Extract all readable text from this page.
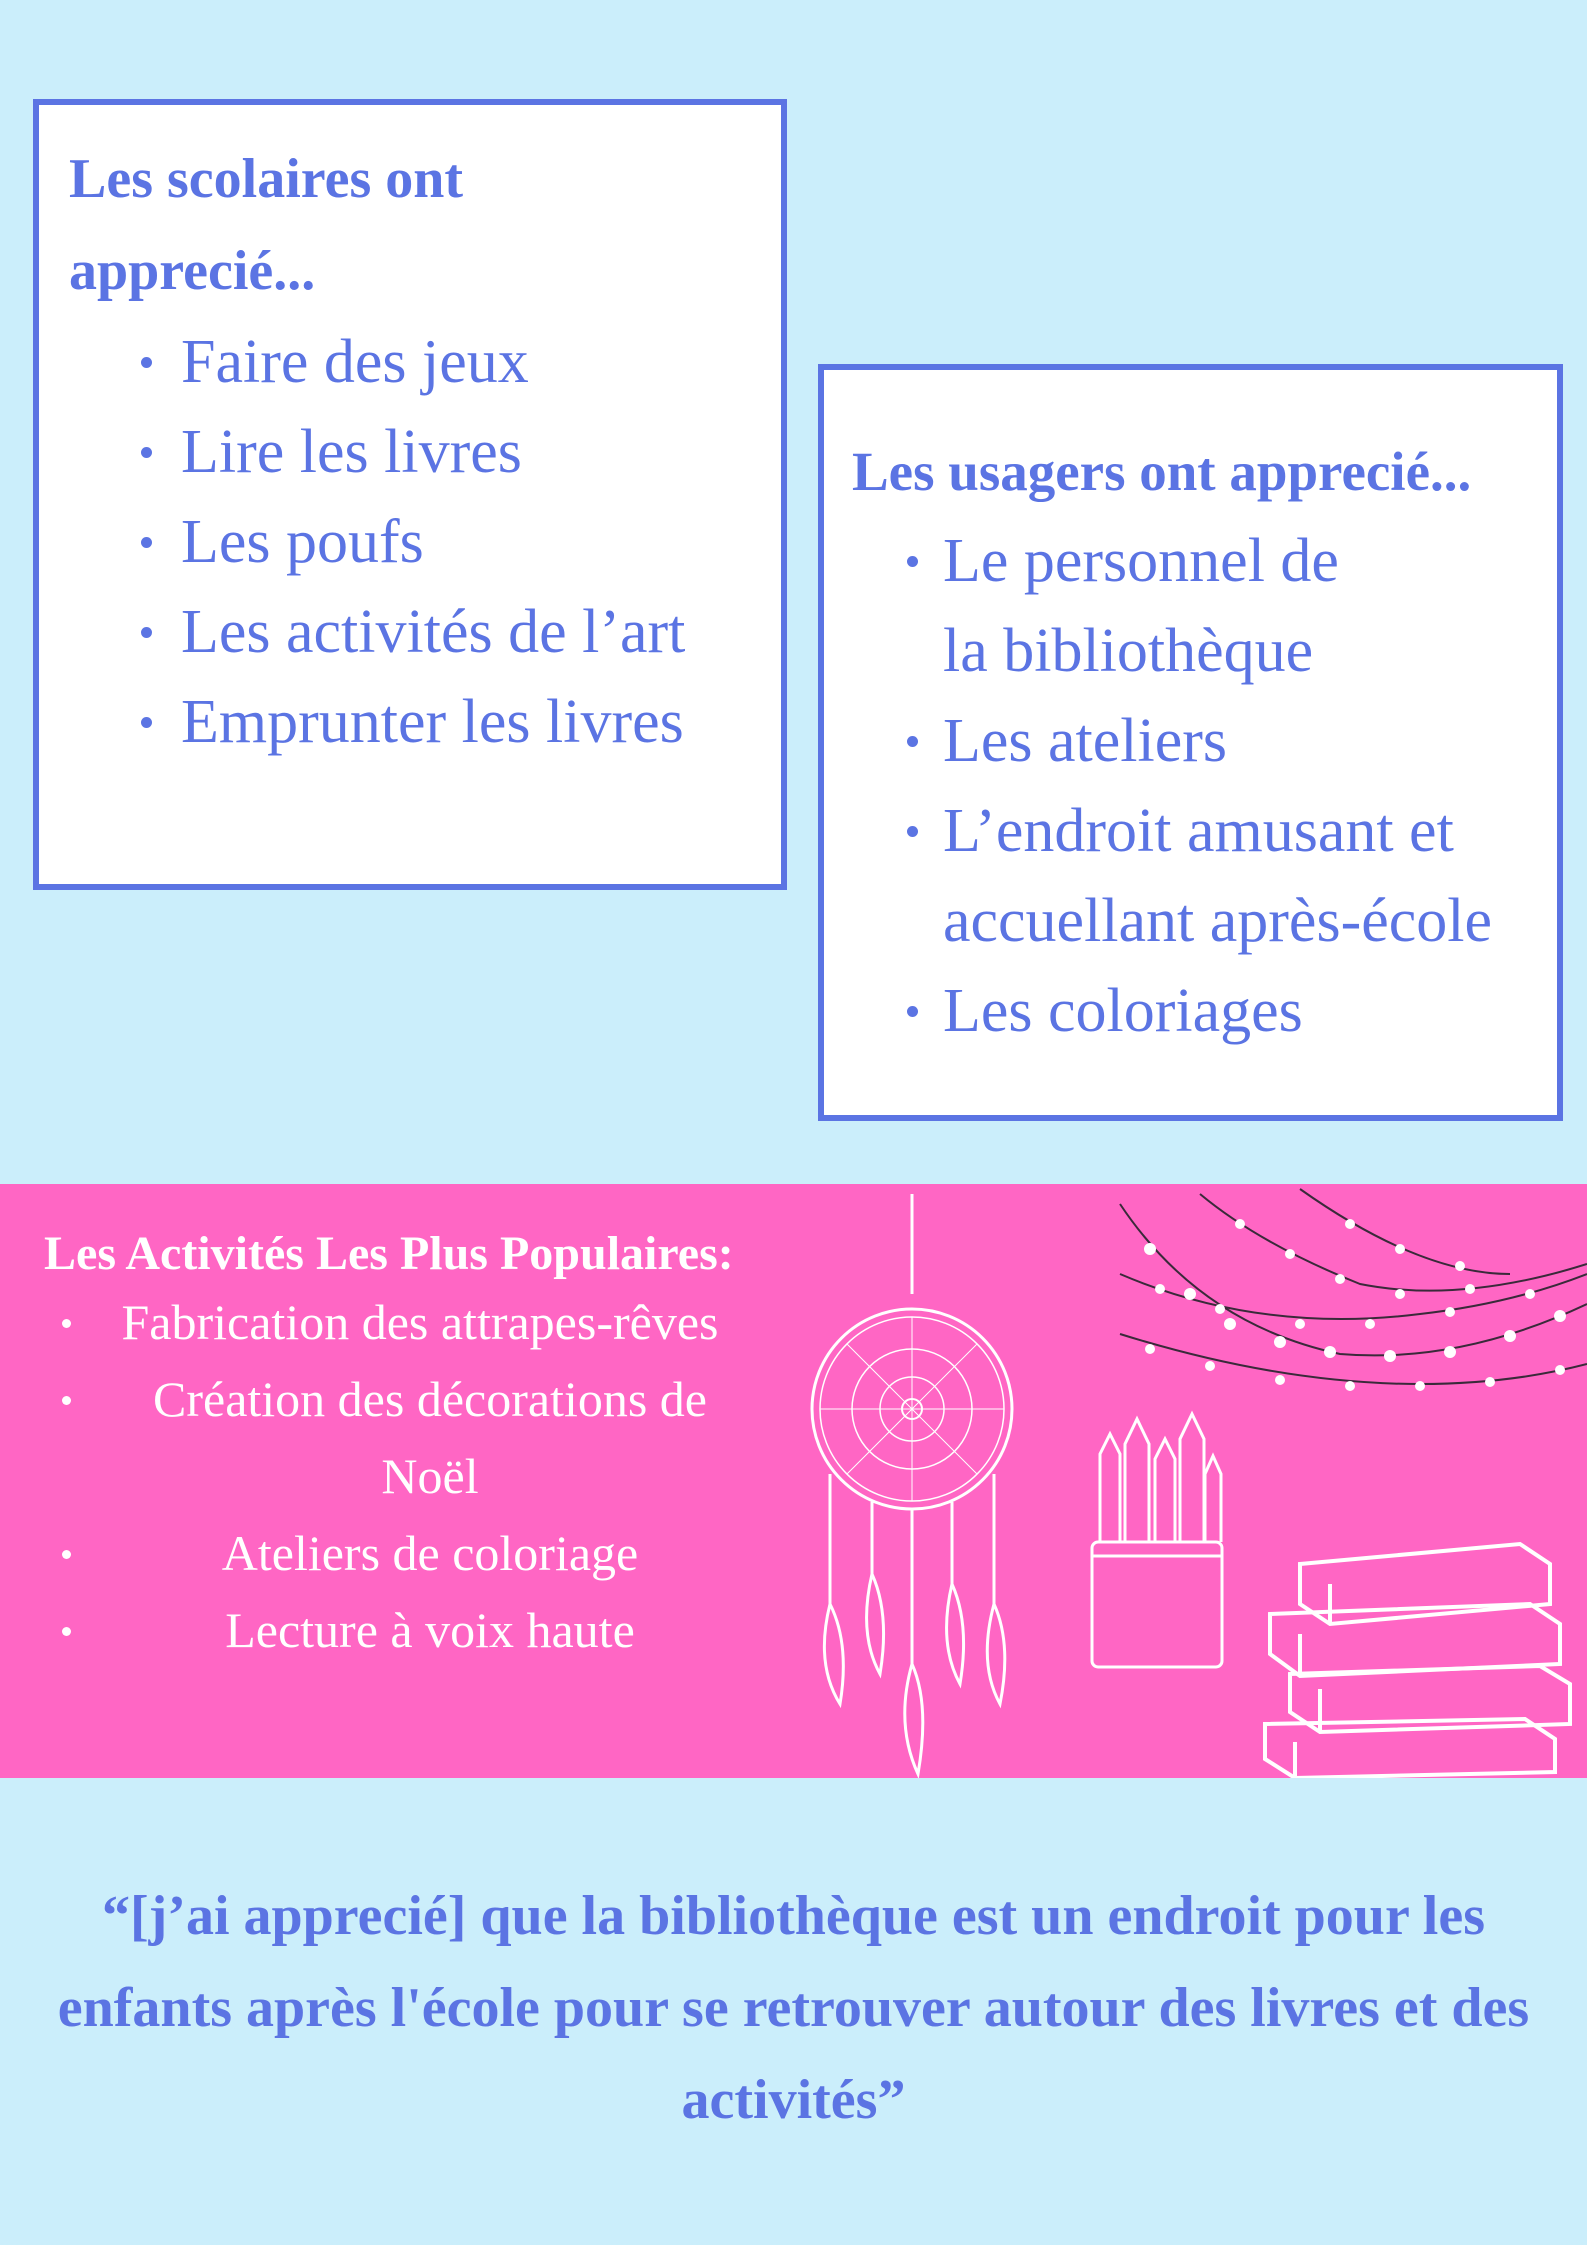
Les scolaires ont apprecié...

Faire des jeux
Lire les livres
Les poufs
Les activités de l’art
Emprunter les livres

Les usagers ont apprecié...

Le personnel de la bibliothèque
Les ateliers
L’endroit amusant et accuellant après-école
Les coloriages

Les Activités Les Plus Populaires:

Fabrication des attrapes-rêves
Création des décorations de Noël
Ateliers de coloriage
Lecture à voix haute

“[j’ai apprecié] que la bibliothèque est un endroit pour les enfants après l'école pour se retrouver autour des livres et des activités”
